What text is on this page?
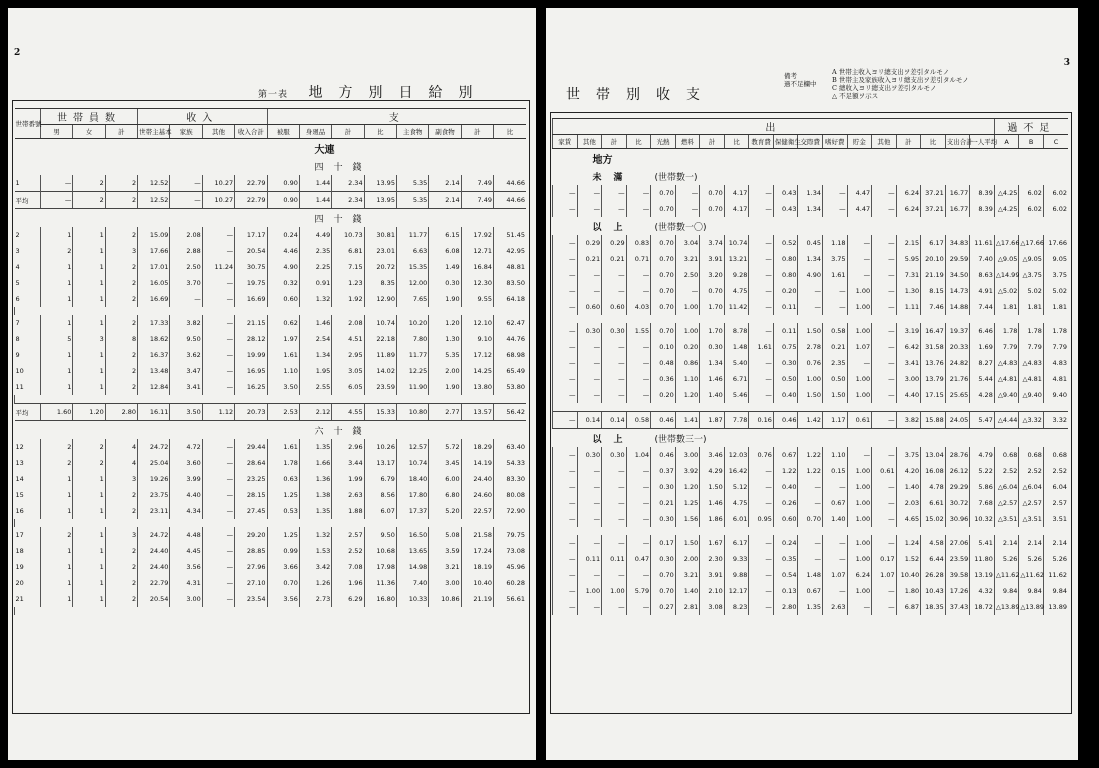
2
第一表 地方別日給別
世帯番號	世帯員数			收入				支							
	男	女	計	世帯主基本	家族	其他	收入合計	被服	身廻品	計	比	主食物	副食物	計	比
大連															
四十錢															
1	—	2	2	12.52	—	10.27	22.79	0.90	1.44	2.34	13.95	5.35	2.14	7.49	44.66
平均	—	2	2	12.52	—	10.27	22.79	0.90	1.44	2.34	13.95	5.35	2.14	7.49	44.66
四十錢															
2	1	1	2	15.09	2.08	—	17.17	0.24	4.49	10.73	30.81	11.77	6.15	17.92	51.45
3	2	1	3	17.66	2.88	—	20.54	4.46	2.35	6.81	23.01	6.63	6.08	12.71	42.95
4	1	1	2	17.01	2.50	11.24	30.75	4.90	2.25	7.15	20.72	15.35	1.49	16.84	48.81
5	1	1	2	16.05	3.70	—	19.75	0.32	0.91	1.23	8.35	12.00	0.30	12.30	83.50
6	1	1	2	16.69	—	—	16.69	0.60	1.32	1.92	12.90	7.65	1.90	9.55	64.18

7	1	1	2	17.33	3.82	—	21.15	0.62	1.46	2.08	10.74	10.20	1.20	12.10	62.47
8	5	3	8	18.62	9.50	—	28.12	1.97	2.54	4.51	22.18	7.80	1.30	9.10	44.76
9	1	1	2	16.37	3.62	—	19.99	1.61	1.34	2.95	11.89	11.77	5.35	17.12	68.98
10	1	1	2	13.48	3.47	—	16.95	1.10	1.95	3.05	14.02	12.25	2.00	14.25	65.49
11	1	1	2	12.84	3.41	—	16.25	3.50	2.55	6.05	23.59	11.90	1.90	13.80	53.80

平均	1.60	1.20	2.80	16.11	3.50	1.12	20.73	2.53	2.12	4.55	15.33	10.80	2.77	13.57	56.42
六十錢															
12	2	2	4	24.72	4.72	—	29.44	1.61	1.35	2.96	10.26	12.57	5.72	18.29	63.40
13	2	2	4	25.04	3.60	—	28.64	1.78	1.66	3.44	13.17	10.74	3.45	14.19	54.33
14	1	1	3	19.26	3.99	—	23.25	0.63	1.36	1.99	6.79	18.40	6.00	24.40	83.30
15	1	1	2	23.75	4.40	—	28.15	1.25	1.38	2.63	8.56	17.80	6.80	24.60	80.08
16	1	1	2	23.11	4.34	—	27.45	0.53	1.35	1.88	6.07	17.37	5.20	22.57	72.90

17	2	1	3	24.72	4.48	—	29.20	1.25	1.32	2.57	9.50	16.50	5.08	21.58	79.75
18	1	1	2	24.40	4.45	—	28.85	0.99	1.53	2.52	10.68	13.65	3.59	17.24	73.08
19	1	1	2	24.40	3.56	—	27.96	3.66	3.42	7.08	17.98	14.98	3.21	18.19	45.96
20	1	1	2	22.79	4.31	—	27.10	0.70	1.26	1.96	11.36	7.40	3.00	10.40	60.28
21	1	1	2	20.54	3.00	—	23.54	3.56	2.73	6.29	16.80	10.33	10.86	21.19	56.61

3
世帯別收支
備考
過不足欄中
A 世帯主收入ヨリ總支出ヲ差引タルモノ
B 世帯主及家族收入ヨリ總支出ヲ差引タルモノ
C 總收入ヨリ總支出ヲ差引タルモノ
△ 不足額ヲ示ス
出																		過不足		
家賃	其他	計	比	光熱	燃料	計	比	教育費	保健衛生	交際費	嗜好費	貯金	其他	計	比	支出合計	一人平均	A	B	C
地方																				
未滿 (世帯數一)																				
—	—	—	—	0.70	—	0.70	4.17	—	0.43	1.34	—	4.47	—	6.24	37.21	16.77	8.39	△4.25	6.02	6.02
—	—	—	—	0.70	—	0.70	4.17	—	0.43	1.34	—	4.47	—	6.24	37.21	16.77	8.39	△4.25	6.02	6.02
以上 (世帯數一〇)																				
—	0.29	0.29	0.83	0.70	3.04	3.74	10.74	—	0.52	0.45	1.18	—	—	2.15	6.17	34.83	11.61	△17.66	△17.66	17.66
—	0.21	0.21	0.71	0.70	3.21	3.91	13.21	—	0.80	1.34	3.75	—	—	5.95	20.10	29.59	7.40	△9.05	△9.05	9.05
—	—	—	—	0.70	2.50	3.20	9.28	—	0.80	4.90	1.61	—	—	7.31	21.19	34.50	8.63	△14.99	△3.75	3.75
—	—	—	—	0.70	—	0.70	4.75	—	0.20	—	—	1.00	—	1.30	8.15	14.73	4.91	△5.02	5.02	5.02
—	0.60	0.60	4.03	0.70	1.00	1.70	11.42	—	0.11	—	—	1.00	—	1.11	7.46	14.88	7.44	1.81	1.81	1.81

—	0.30	0.30	1.55	0.70	1.00	1.70	8.78	—	0.11	1.50	0.58	1.00	—	3.19	16.47	19.37	6.46	1.78	1.78	1.78
—	—	—	—	0.10	0.20	0.30	1.48	1.61	0.75	2.78	0.21	1.07	—	6.42	31.58	20.33	1.69	7.79	7.79	7.79
—	—	—	—	0.48	0.86	1.34	5.40	—	0.30	0.76	2.35	—	—	3.41	13.76	24.82	8.27	△4.83	△4.83	4.83
—	—	—	—	0.36	1.10	1.46	6.71	—	0.50	1.00	0.50	1.00	—	3.00	13.79	21.76	5.44	△4.81	△4.81	4.81
—	—	—	—	0.20	1.20	1.40	5.46	—	0.40	1.50	1.50	1.00	—	4.40	17.15	25.65	4.28	△9.40	△9.40	9.40

—	0.14	0.14	0.58	0.46	1.41	1.87	7.78	0.16	0.46	1.42	1.17	0.61	—	3.82	15.88	24.05	5.47	△4.44	△3.32	3.32
以上 (世帯數三一)																				
—	0.30	0.30	1.04	0.46	3.00	3.46	12.03	0.76	0.67	1.22	1.10	—	—	3.75	13.04	28.76	4.79	0.68	0.68	0.68
—	—	—	—	0.37	3.92	4.29	16.42	—	1.22	1.22	0.15	1.00	0.61	4.20	16.08	26.12	5.22	2.52	2.52	2.52
—	—	—	—	0.30	1.20	1.50	5.12	—	0.40	—	—	1.00	—	1.40	4.78	29.29	5.86	△6.04	△6.04	6.04
—	—	—	—	0.21	1.25	1.46	4.75	—	0.26	—	0.67	1.00	—	2.03	6.61	30.72	7.68	△2.57	△2.57	2.57
—	—	—	—	0.30	1.56	1.86	6.01	0.95	0.60	0.70	1.40	1.00	—	4.65	15.02	30.96	10.32	△3.51	△3.51	3.51

—	—	—	—	0.17	1.50	1.67	6.17	—	0.24	—	—	1.00	—	1.24	4.58	27.06	5.41	2.14	2.14	2.14
—	0.11	0.11	0.47	0.30	2.00	2.30	9.33	—	0.35	—	—	1.00	0.17	1.52	6.44	23.59	11.80	5.26	5.26	5.26
—	—	—	—	0.70	3.21	3.91	9.88	—	0.54	1.48	1.07	6.24	1.07	10.40	26.28	39.58	13.19	△11.62	△11.62	11.62
—	1.00	1.00	5.79	0.70	1.40	2.10	12.17	—	0.13	0.67	—	1.00	—	1.80	10.43	17.26	4.32	9.84	9.84	9.84
—	—	—	—	0.27	2.81	3.08	8.23	—	2.80	1.35	2.63	—	—	6.87	18.35	37.43	18.72	△13.89	△13.89	13.89
